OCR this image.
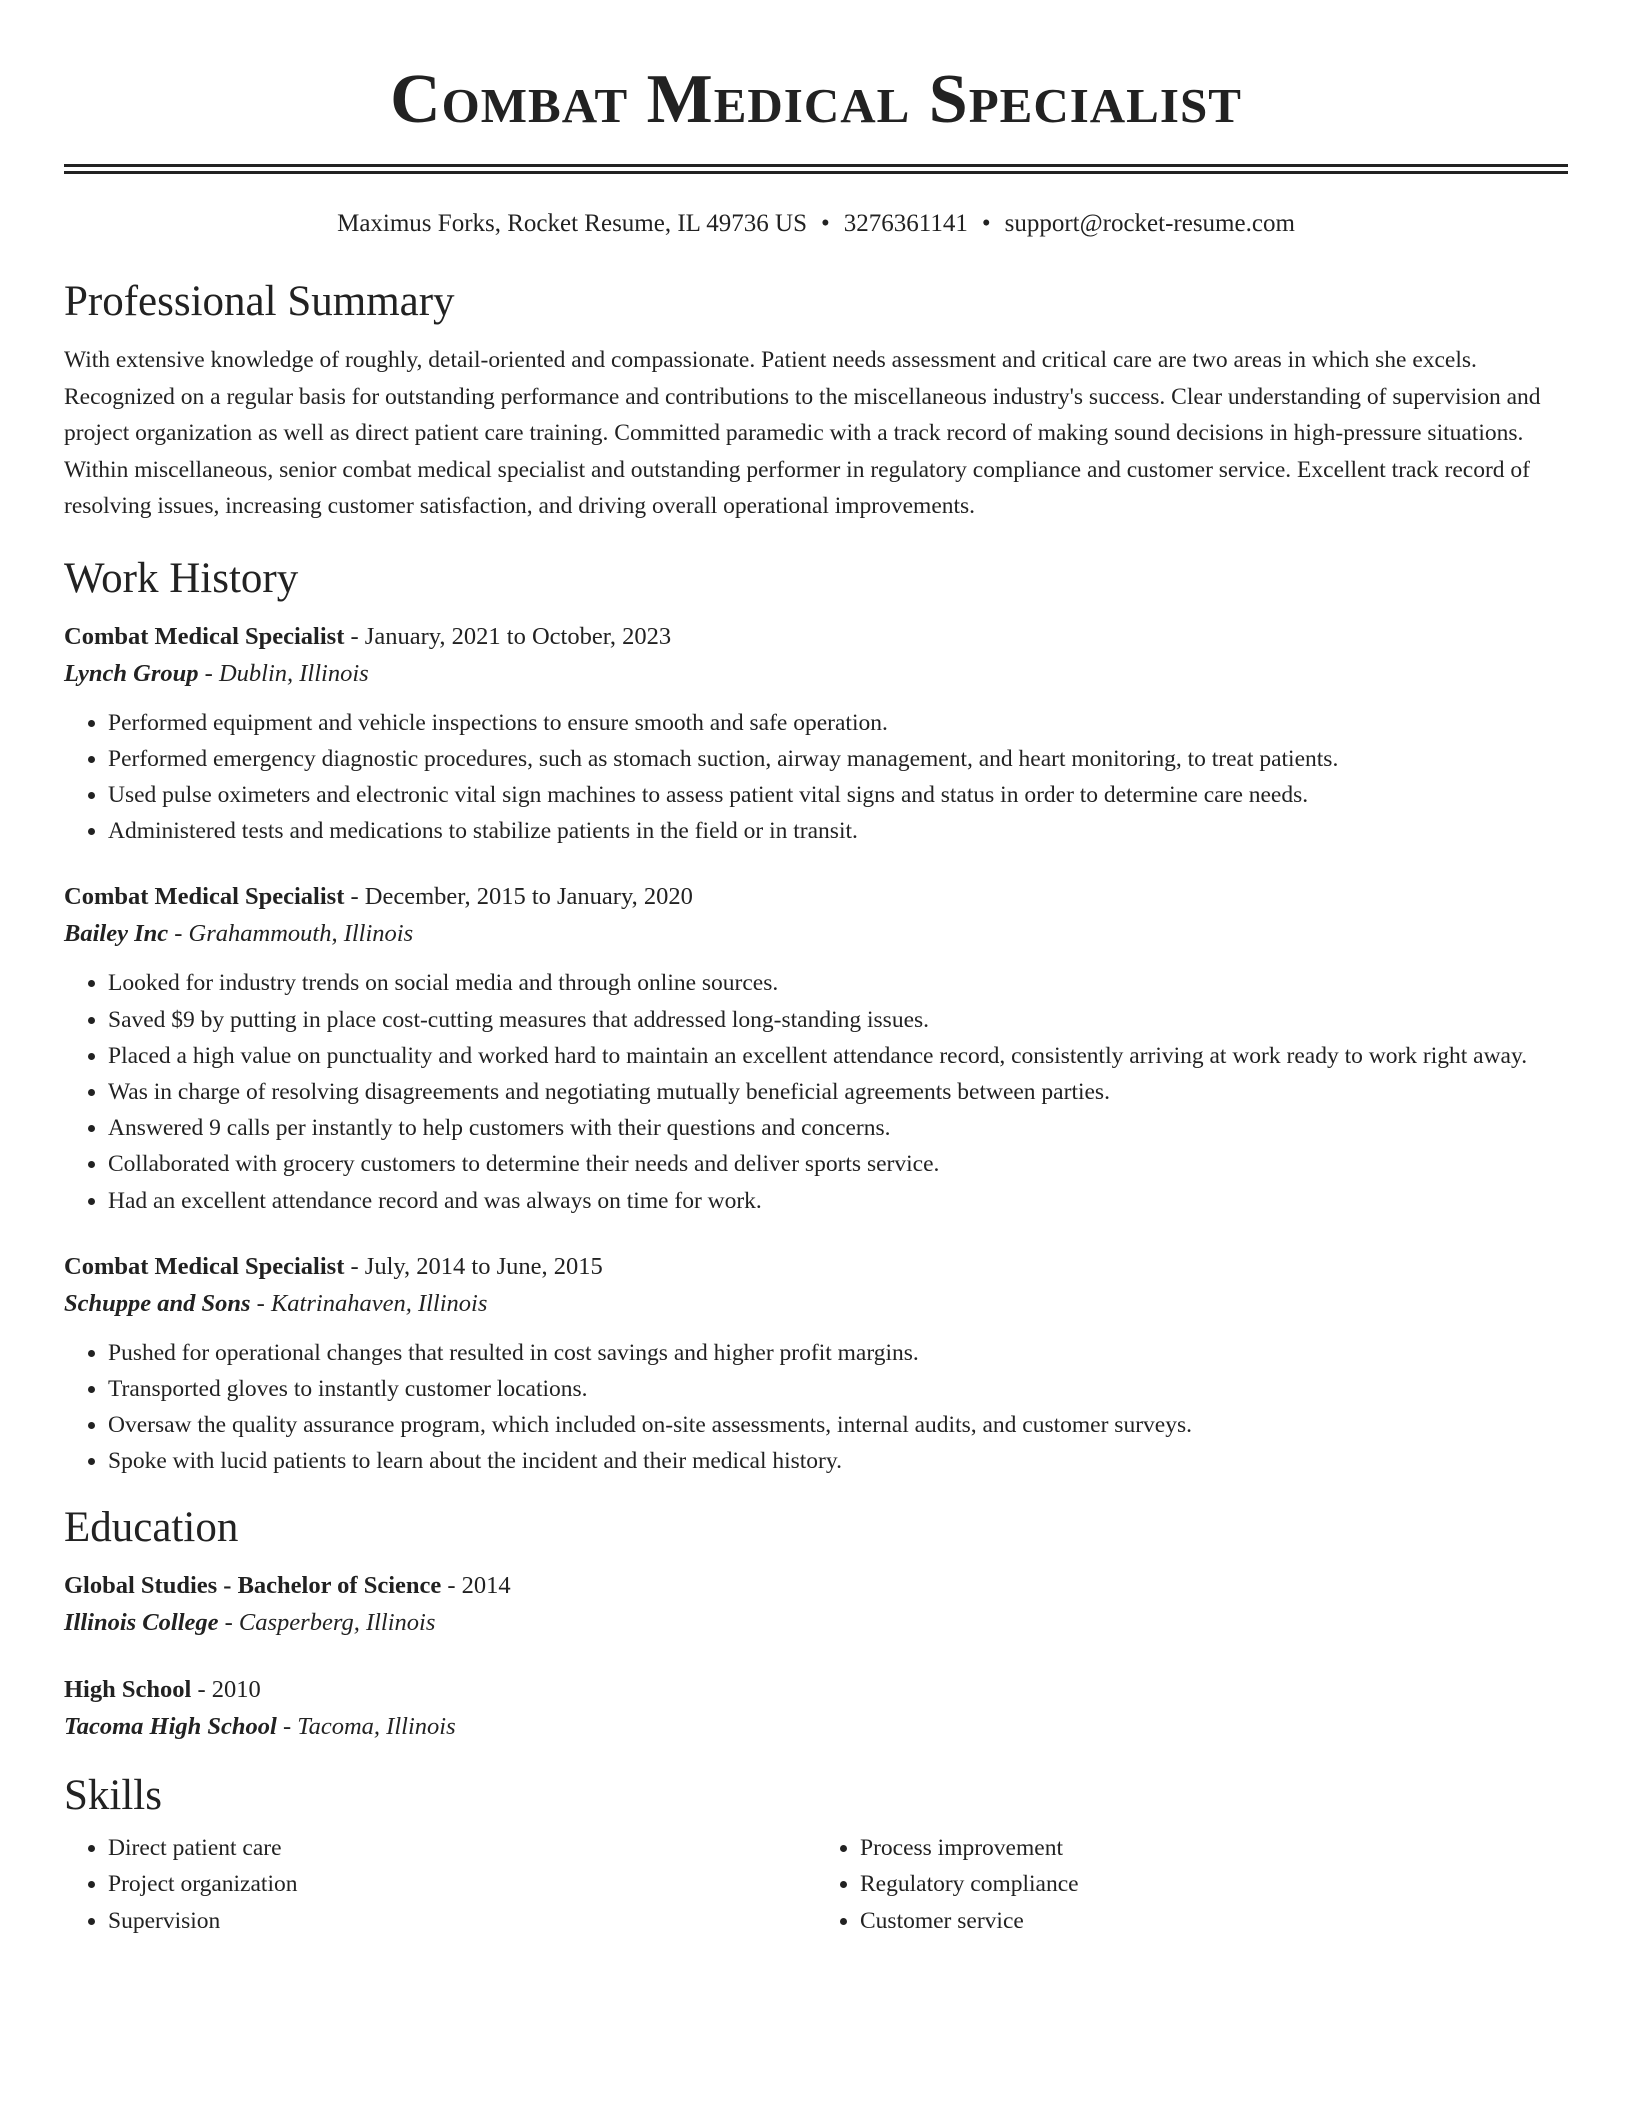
Combat Medical Specialist
Maximus Forks, Rocket Resume, IL 49736 US • 3276361141 • support@rocket-resume.com
Professional Summary
With extensive knowledge of roughly, detail-oriented and compassionate. Patient needs assessment and critical care are two areas in which she excels. Recognized on a regular basis for outstanding performance and contributions to the miscellaneous industry's success. Clear understanding of supervision and project organization as well as direct patient care training. Committed paramedic with a track record of making sound decisions in high-pressure situations. Within miscellaneous, senior combat medical specialist and outstanding performer in regulatory compliance and customer service. Excellent track record of resolving issues, increasing customer satisfaction, and driving overall operational improvements.
Work History
Combat Medical Specialist - January, 2021 to October, 2023
Lynch Group - Dublin, Illinois
• Performed equipment and vehicle inspections to ensure smooth and safe operation.
• Performed emergency diagnostic procedures, such as stomach suction, airway management, and heart monitoring, to treat patients.
• Used pulse oximeters and electronic vital sign machines to assess patient vital signs and status in order to determine care needs.
• Administered tests and medications to stabilize patients in the field or in transit.
Combat Medical Specialist - December, 2015 to January, 2020
Bailey Inc - Grahammouth, Illinois
• Looked for industry trends on social media and through online sources.
• Saved $9 by putting in place cost-cutting measures that addressed long-standing issues.
• Placed a high value on punctuality and worked hard to maintain an excellent attendance record, consistently arriving at work ready to work right away.
• Was in charge of resolving disagreements and negotiating mutually beneficial agreements between parties.
• Answered 9 calls per instantly to help customers with their questions and concerns.
• Collaborated with grocery customers to determine their needs and deliver sports service.
• Had an excellent attendance record and was always on time for work.
Combat Medical Specialist - July, 2014 to June, 2015
Schuppe and Sons - Katrinahaven, Illinois
• Pushed for operational changes that resulted in cost savings and higher profit margins.
• Transported gloves to instantly customer locations.
• Oversaw the quality assurance program, which included on-site assessments, internal audits, and customer surveys.
• Spoke with lucid patients to learn about the incident and their medical history.
Education
Global Studies - Bachelor of Science - 2014
Illinois College - Casperberg, Illinois
High School - 2010
Tacoma High School - Tacoma, Illinois
Skills
• Direct patient care
• Project organization
• Supervision
• Process improvement
• Regulatory compliance
• Customer service
